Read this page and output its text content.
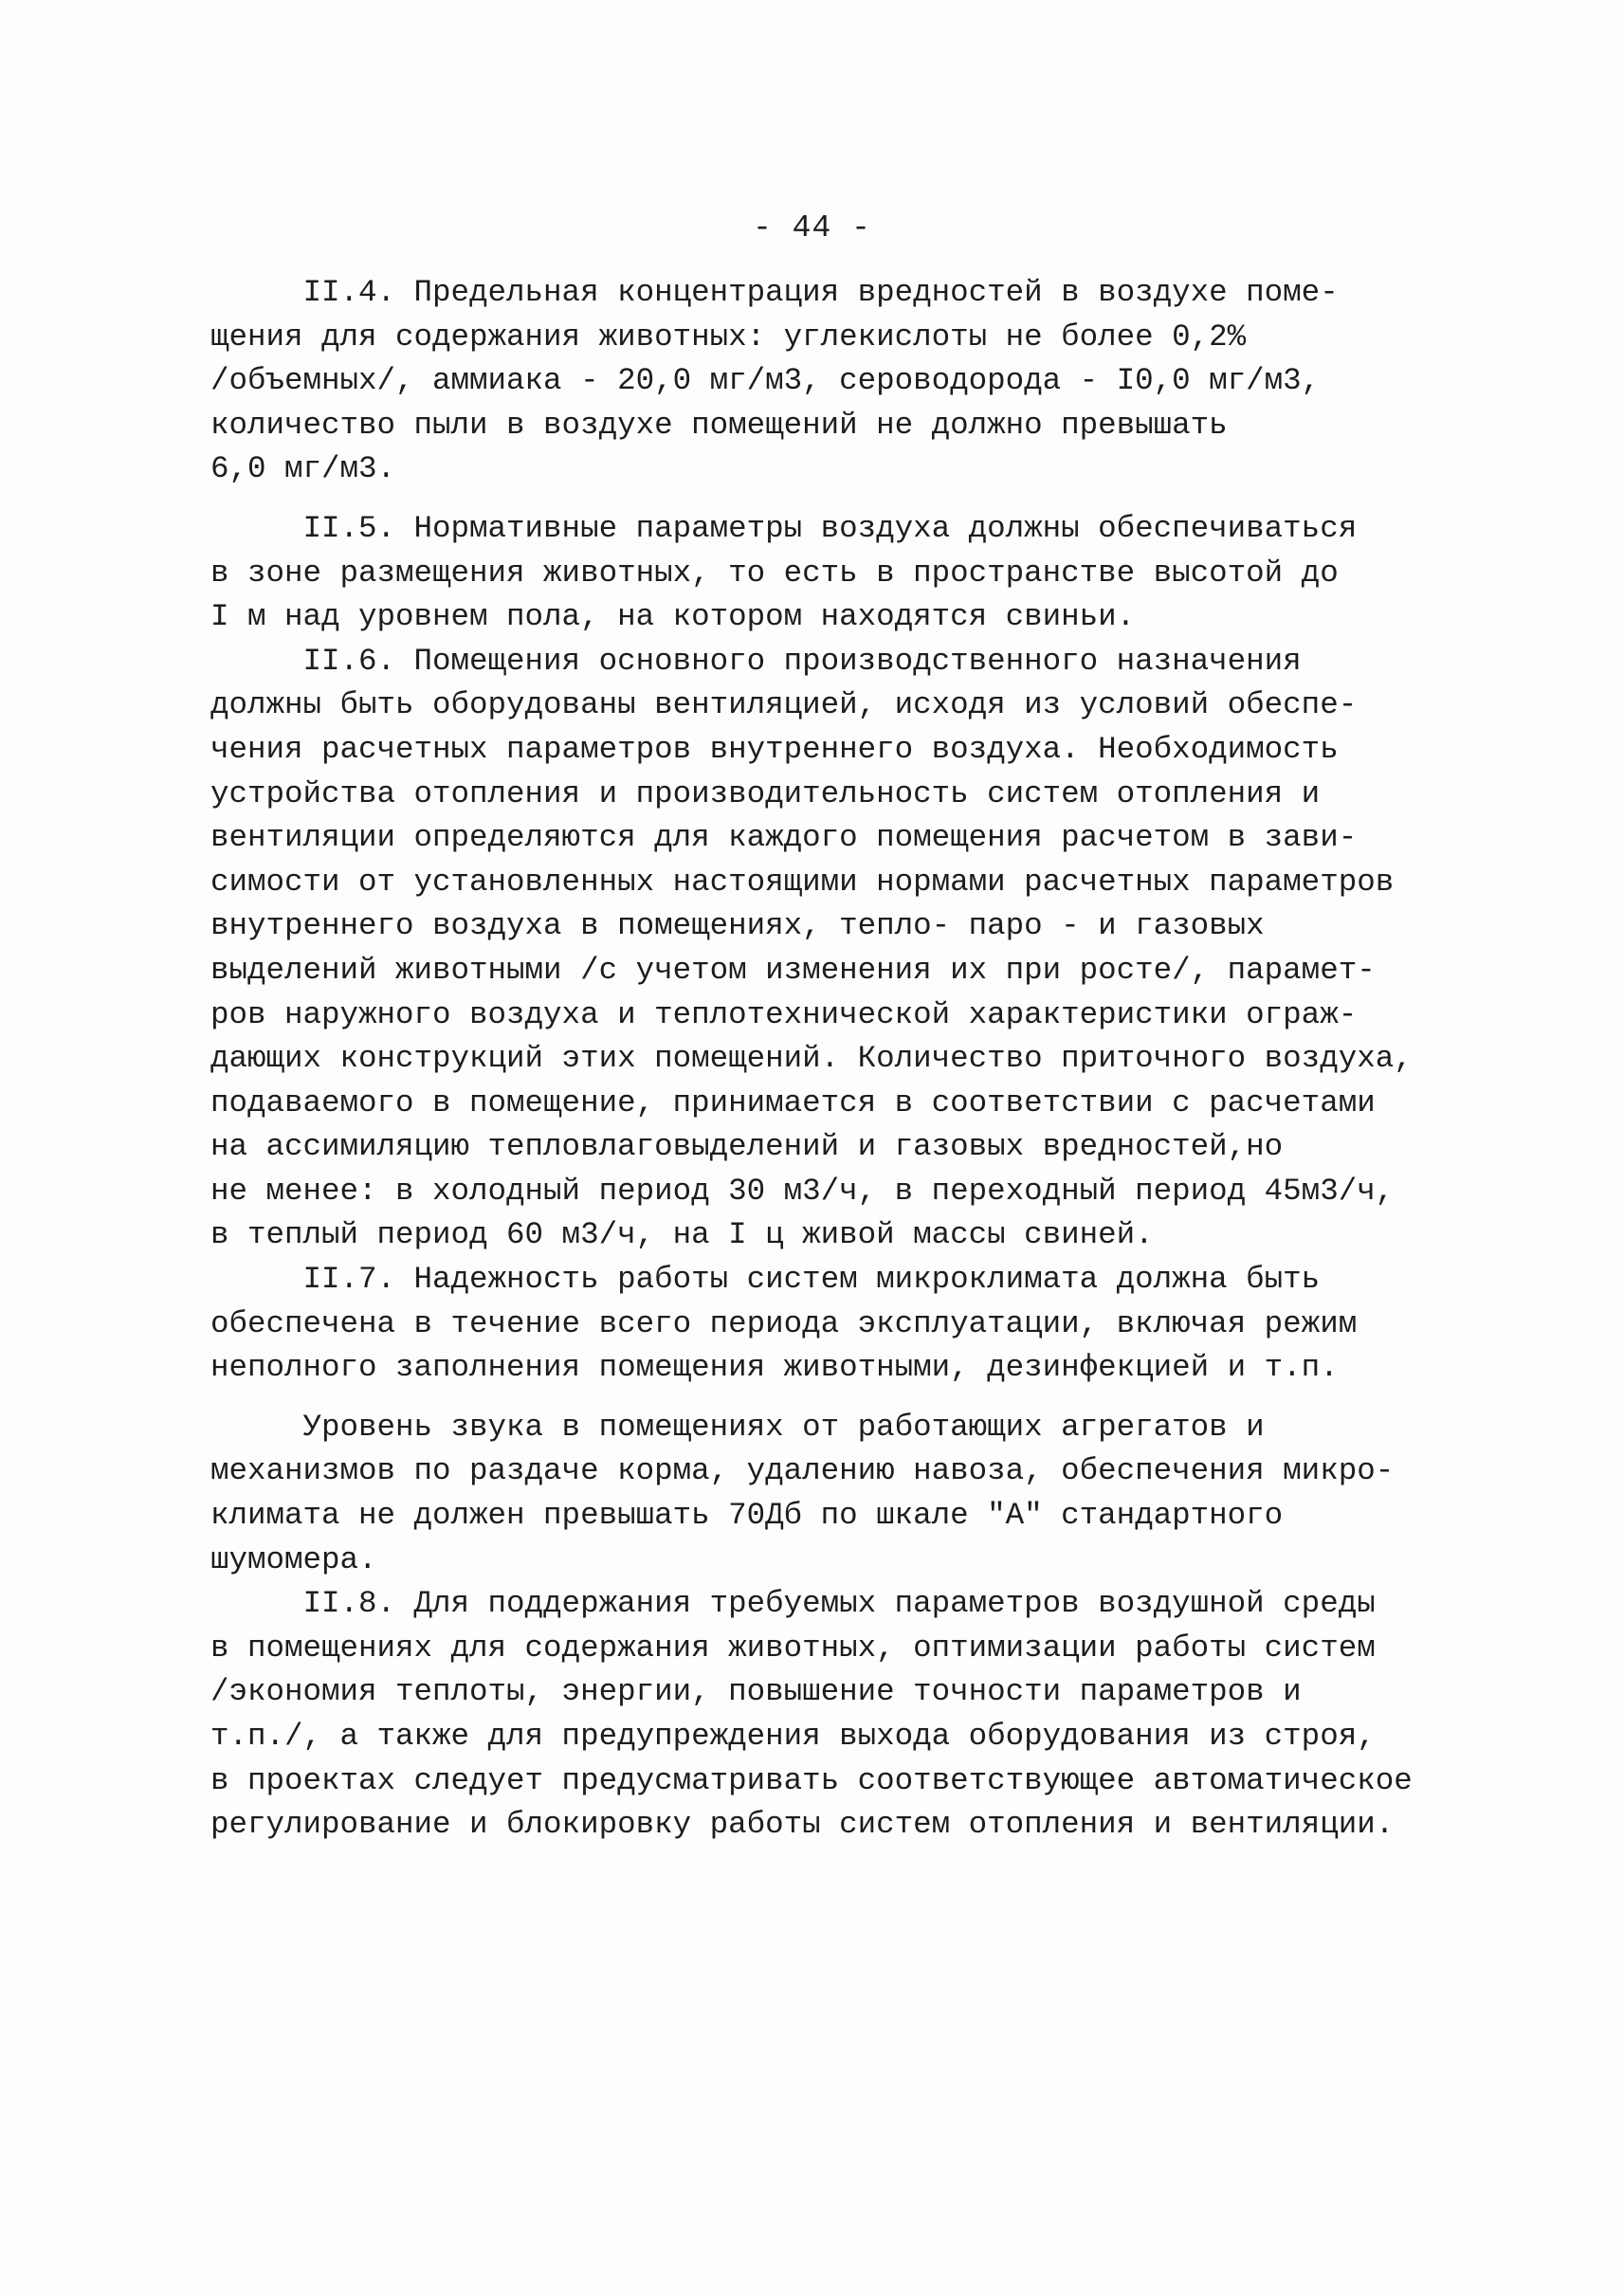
- 44 -
II.4. Предельная концентрация вредностей в воздухе поме-
щения для содержания животных: углекислоты не более 0,2%
/объемных/, аммиака - 20,0 мг/м3, сероводорода - I0,0 мг/м3,
количество пыли в воздухе помещений не должно превышать
6,0 мг/м3.
II.5. Нормативные параметры воздуха должны обеспечиваться
в зоне размещения животных, то есть в пространстве высотой до
I м над уровнем пола, на котором находятся свиньи.
II.6. Помещения основного производственного назначения
должны быть оборудованы вентиляцией, исходя из условий обеспе-
чения расчетных параметров внутреннего воздуха. Необходимость
устройства отопления и производительность систем отопления и
вентиляции определяются для каждого помещения расчетом в зави-
симости от установленных настоящими нормами расчетных параметров
внутреннего воздуха в помещениях, тепло- паро - и газовых
выделений животными /с учетом изменения их при росте/, парамет-
ров наружного воздуха и теплотехнической характеристики ограж-
дающих конструкций этих помещений. Количество приточного воздуха,
подаваемого в помещение, принимается в соответствии с расчетами
на ассимиляцию тепловлаговыделений и газовых вредностей,но
не менее: в холодный период 30 м3/ч, в переходный период 45м3/ч,
в теплый период 60 м3/ч, на I ц живой массы свиней.
II.7. Надежность работы систем микроклимата должна быть
обеспечена в течение всего периода эксплуатации, включая режим
неполного заполнения помещения животными, дезинфекцией и т.п.
Уровень звука в помещениях от работающих агрегатов и
механизмов по раздаче корма, удалению навоза, обеспечения микро-
климата не должен превышать 70Дб по шкале "А" стандартного
шумомера.
II.8. Для поддержания требуемых параметров воздушной среды
в помещениях для содержания животных, оптимизации работы систем
/экономия теплоты, энергии, повышение точности параметров и
т.п./, а также для предупреждения выхода оборудования из строя,
в проектах следует предусматривать соответствующее автоматическое
регулирование и блокировку работы систем отопления и вентиляции.
